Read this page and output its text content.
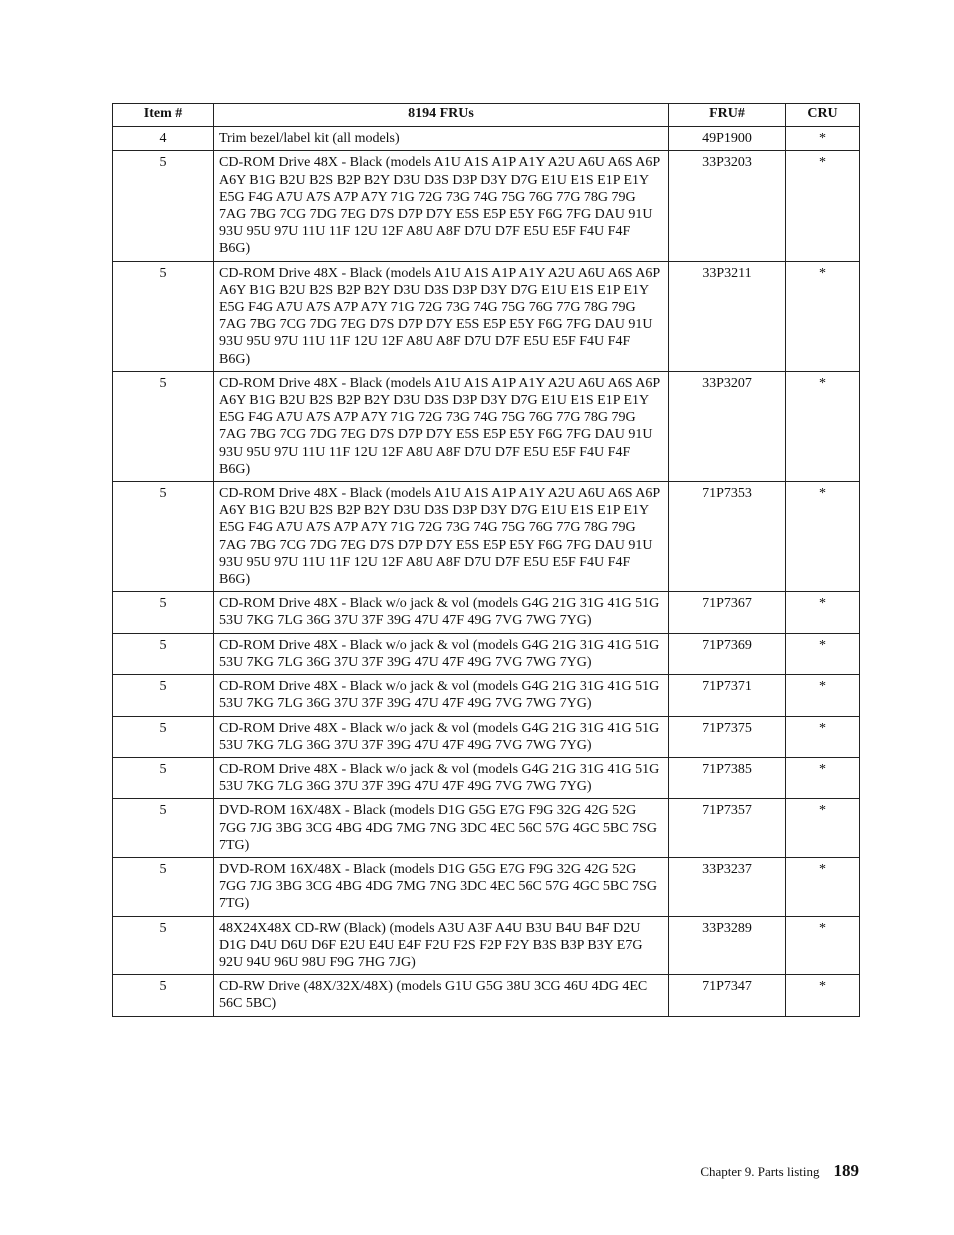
Item #	8194 FRUs	FRU#	CRU
4	Trim bezel/label kit (all models)	49P1900	*
5	CD-ROM Drive 48X - Black (models A1U A1S A1P A1Y A2U A6U A6S A6P A6Y B1G B2U B2S B2P B2Y D3U D3S D3P D3Y D7G E1U E1S E1P E1Y E5G F4G A7U A7S A7P A7Y 71G 72G 73G 74G 75G 76G 77G 78G 79G 7AG 7BG 7CG 7DG 7EG D7S D7P D7Y E5S E5P E5Y F6G 7FG DAU 91U 93U 95U 97U 11U 11F 12U 12F A8U A8F D7U D7F E5U E5F F4U F4F B6G)	33P3203	*
5	CD-ROM Drive 48X - Black (models A1U A1S A1P A1Y A2U A6U A6S A6P A6Y B1G B2U B2S B2P B2Y D3U D3S D3P D3Y D7G E1U E1S E1P E1Y E5G F4G A7U A7S A7P A7Y 71G 72G 73G 74G 75G 76G 77G 78G 79G 7AG 7BG 7CG 7DG 7EG D7S D7P D7Y E5S E5P E5Y F6G 7FG DAU 91U 93U 95U 97U 11U 11F 12U 12F A8U A8F D7U D7F E5U E5F F4U F4F B6G)	33P3211	*
5	CD-ROM Drive 48X - Black (models A1U A1S A1P A1Y A2U A6U A6S A6P A6Y B1G B2U B2S B2P B2Y D3U D3S D3P D3Y D7G E1U E1S E1P E1Y E5G F4G A7U A7S A7P A7Y 71G 72G 73G 74G 75G 76G 77G 78G 79G 7AG 7BG 7CG 7DG 7EG D7S D7P D7Y E5S E5P E5Y F6G 7FG DAU 91U 93U 95U 97U 11U 11F 12U 12F A8U A8F D7U D7F E5U E5F F4U F4F B6G)	33P3207	*
5	CD-ROM Drive 48X - Black (models A1U A1S A1P A1Y A2U A6U A6S A6P A6Y B1G B2U B2S B2P B2Y D3U D3S D3P D3Y D7G E1U E1S E1P E1Y E5G F4G A7U A7S A7P A7Y 71G 72G 73G 74G 75G 76G 77G 78G 79G 7AG 7BG 7CG 7DG 7EG D7S D7P D7Y E5S E5P E5Y F6G 7FG DAU 91U 93U 95U 97U 11U 11F 12U 12F A8U A8F D7U D7F E5U E5F F4U F4F B6G)	71P7353	*
5	CD-ROM Drive 48X - Black w/o jack & vol (models G4G 21G 31G 41G 51G 53U 7KG 7LG 36G 37U 37F 39G 47U 47F 49G 7VG 7WG 7YG)	71P7367	*
5	CD-ROM Drive 48X - Black w/o jack & vol (models G4G 21G 31G 41G 51G 53U 7KG 7LG 36G 37U 37F 39G 47U 47F 49G 7VG 7WG 7YG)	71P7369	*
5	CD-ROM Drive 48X - Black w/o jack & vol (models G4G 21G 31G 41G 51G 53U 7KG 7LG 36G 37U 37F 39G 47U 47F 49G 7VG 7WG 7YG)	71P7371	*
5	CD-ROM Drive 48X - Black w/o jack & vol (models G4G 21G 31G 41G 51G 53U 7KG 7LG 36G 37U 37F 39G 47U 47F 49G 7VG 7WG 7YG)	71P7375	*
5	CD-ROM Drive 48X - Black w/o jack & vol (models G4G 21G 31G 41G 51G 53U 7KG 7LG 36G 37U 37F 39G 47U 47F 49G 7VG 7WG 7YG)	71P7385	*
5	DVD-ROM 16X/48X - Black (models D1G G5G E7G F9G 32G 42G 52G 7GG 7JG 3BG 3CG 4BG 4DG 7MG 7NG 3DC 4EC 56C 57G 4GC 5BC 7SG 7TG)	71P7357	*
5	DVD-ROM 16X/48X - Black (models D1G G5G E7G F9G 32G 42G 52G 7GG 7JG 3BG 3CG 4BG 4DG 7MG 7NG 3DC 4EC 56C 57G 4GC 5BC 7SG 7TG)	33P3237	*
5	48X24X48X CD-RW (Black) (models A3U A3F A4U B3U B4U B4F D2U D1G D4U D6U D6F E2U E4U E4F F2U F2S F2P F2Y B3S B3P B3Y E7G 92U 94U 96U 98U F9G 7HG 7JG)	33P3289	*
5	CD-RW Drive (48X/32X/48X) (models G1U G5G 38U 3CG 46U 4DG 4EC 56C 5BC)	71P7347	*
Chapter 9. Parts listing 189
